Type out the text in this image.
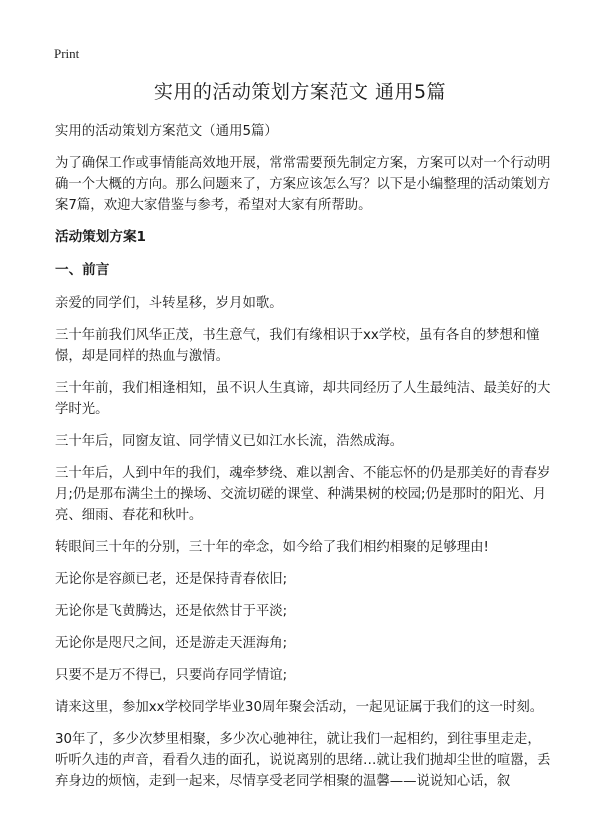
Print
实用的活动策划方案范文 通用5篇

实用的活动策划方案范文（通用5篇）

为了确保工作或事情能高效地开展，常常需要预先制定方案，方案可以对一个行动明确一个大概的方向。那么问题来了，方案应该怎么写？以下是小编整理的活动策划方案7篇，欢迎大家借鉴与参考，希望对大家有所帮助。

活动策划方案1
一、前言

亲爱的同学们，斗转星移，岁月如歌。

三十年前我们风华正茂，书生意气，我们有缘相识于xx学校，虽有各自的梦想和憧憬，却是同样的热血与激情。

三十年前，我们相逢相知，虽不识人生真谛，却共同经历了人生最纯洁、最美好的大学时光。

三十年后，同窗友谊、同学情义已如江水长流，浩然成海。

三十年后，人到中年的我们，魂牵梦绕、难以割舍、不能忘怀的仍是那美好的青春岁月;仍是那布满尘土的操场、交流切磋的课堂、种满果树的校园;仍是那时的阳光、月亮、细雨、春花和秋叶。

转眼间三十年的分别，三十年的牵念，如今给了我们相约相聚的足够理由!

无论你是容颜已老，还是保持青春依旧;

无论你是飞黄腾达，还是依然甘于平淡;

无论你是咫尺之间，还是游走天涯海角;

只要不是万不得已，只要尚存同学情谊;

请来这里，参加xx学校同学毕业30周年聚会活动，一起见证属于我们的这一时刻。

30年了，多少次梦里相聚，多少次心驰神往，就让我们一起相约，到往事里走走，听听久违的声音，看看久违的面孔，说说离别的思绪…就让我们抛却尘世的喧嚣，丢弃身边的烦恼，走到一起来，尽情享受老同学相聚的温馨——说说知心话，叙
